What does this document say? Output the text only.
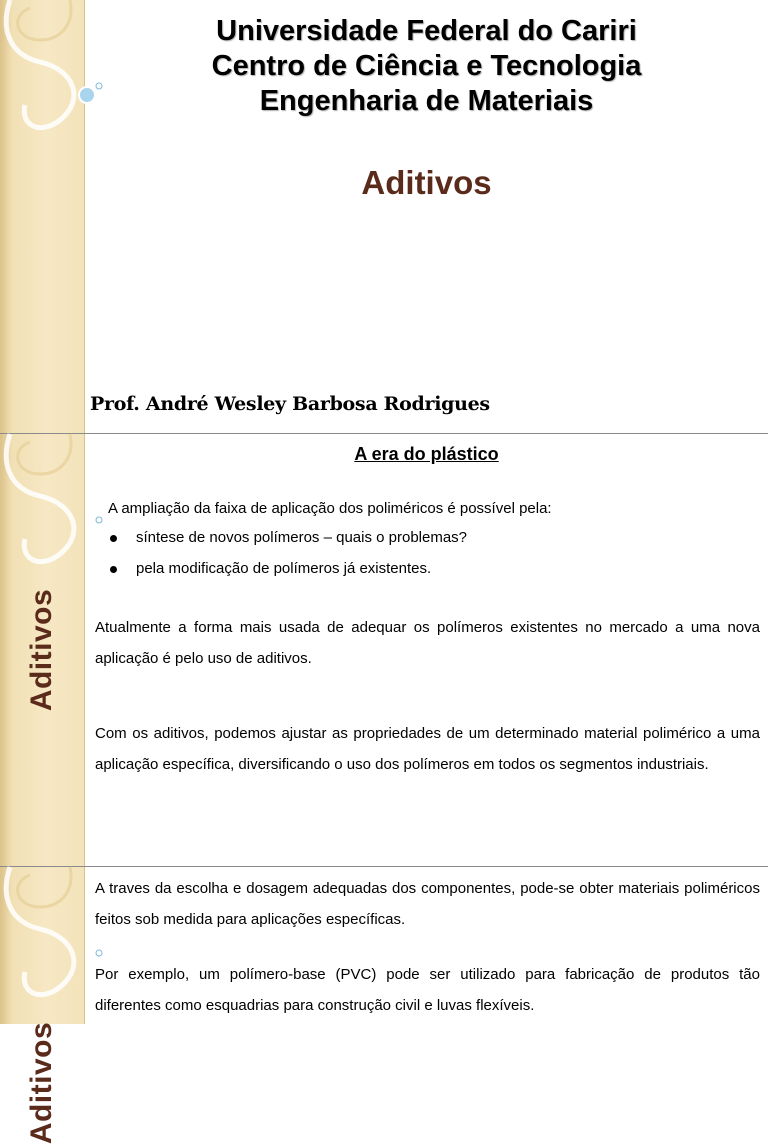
Universidade Federal do Cariri
Centro de Ciência e Tecnologia
Engenharia de Materiais
Aditivos
Prof. André Wesley Barbosa Rodrigues
Aditivos
A era do plástico
A ampliação da faixa de aplicação dos poliméricos é possível pela:
síntese de novos polímeros – quais o problemas?
pela modificação de polímeros já existentes.
Atualmente a forma mais usada de adequar os polímeros existentes no mercado a uma nova aplicação é pelo uso de aditivos.
Com os aditivos, podemos ajustar as propriedades de um determinado material polimérico a uma aplicação específica, diversificando o uso dos polímeros em todos os segmentos industriais.
Aditivos
A traves da escolha e dosagem adequadas dos componentes, pode-se obter materiais poliméricos feitos sob medida para aplicações específicas.
Por exemplo, um polímero-base (PVC) pode ser utilizado para fabricação de produtos tão diferentes como esquadrias para construção civil e luvas flexíveis.
